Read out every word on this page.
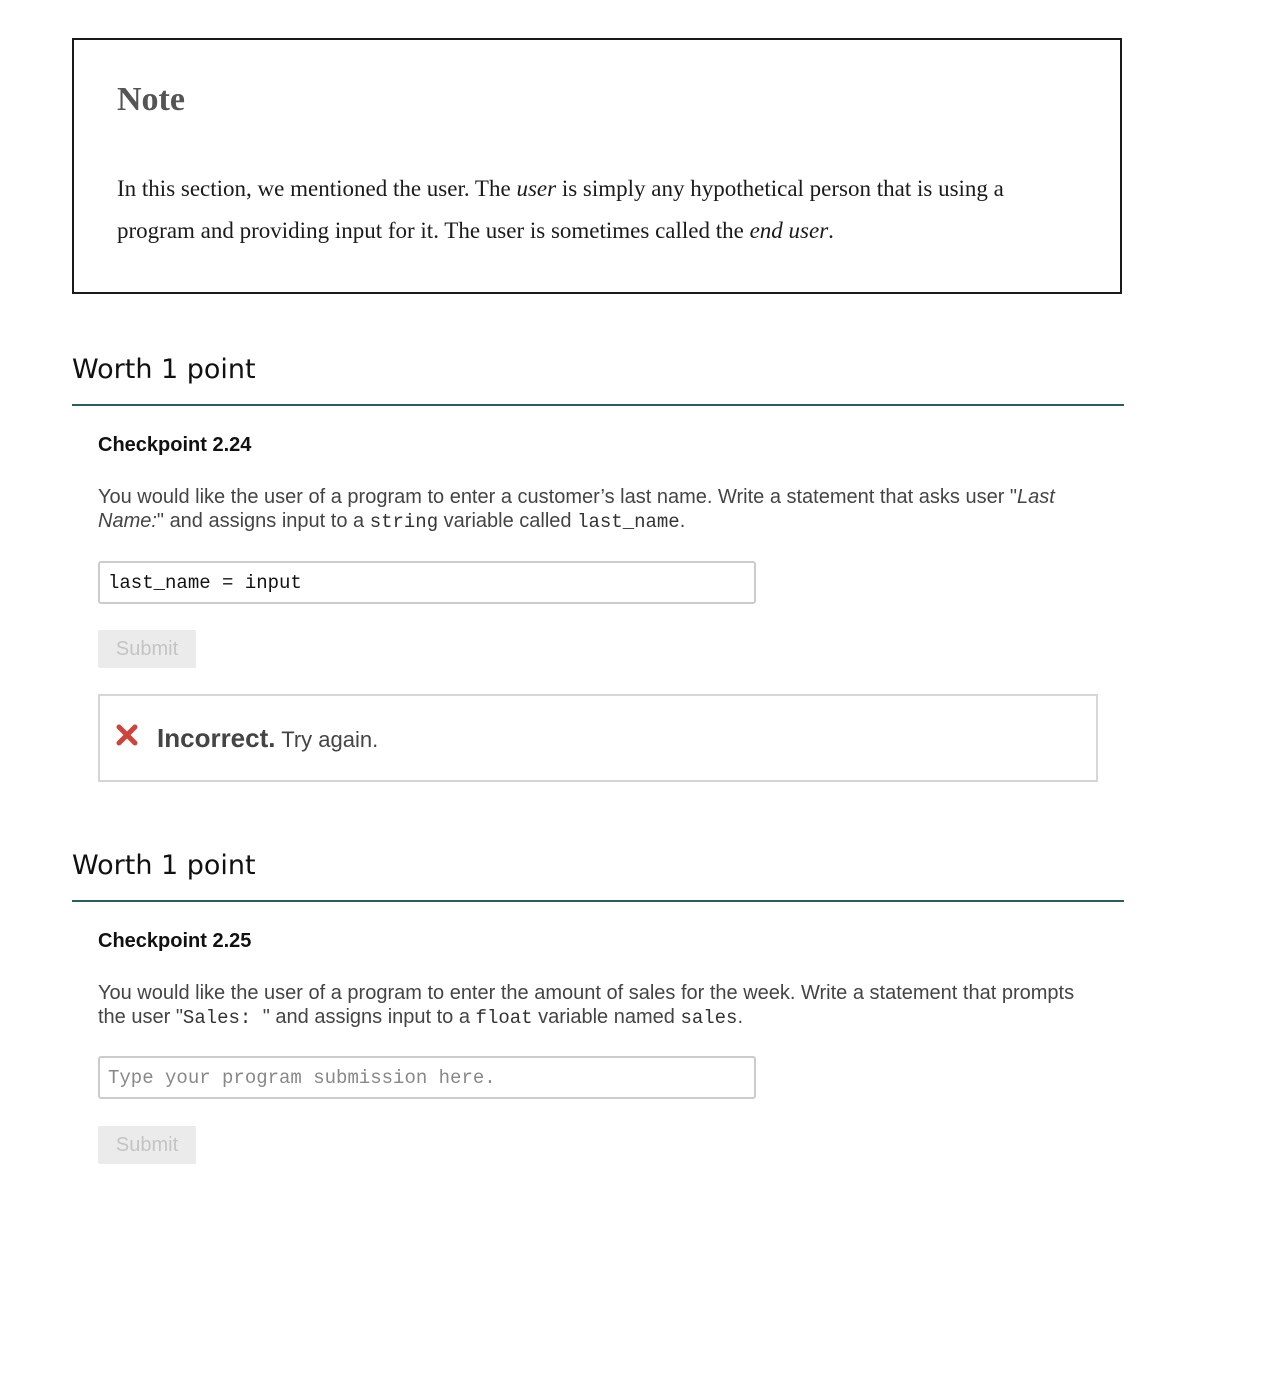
Note

In this section, we mentioned the user. The user is simply any hypothetical person that is using a program and providing input for it. The user is sometimes called the end user.

Worth 1 point
Checkpoint 2.24

You would like the user of a program to enter a customer’s last name. Write a statement that asks user "Last Name:" and assigns input to a string variable called last_name.

last_name = input
Submit
Incorrect. Try again.
Worth 1 point
Checkpoint 2.25

You would like the user of a program to enter the amount of sales for the week. Write a statement that prompts the user "Sales: " and assigns input to a float variable named sales.

Type your program submission here.
Submit
